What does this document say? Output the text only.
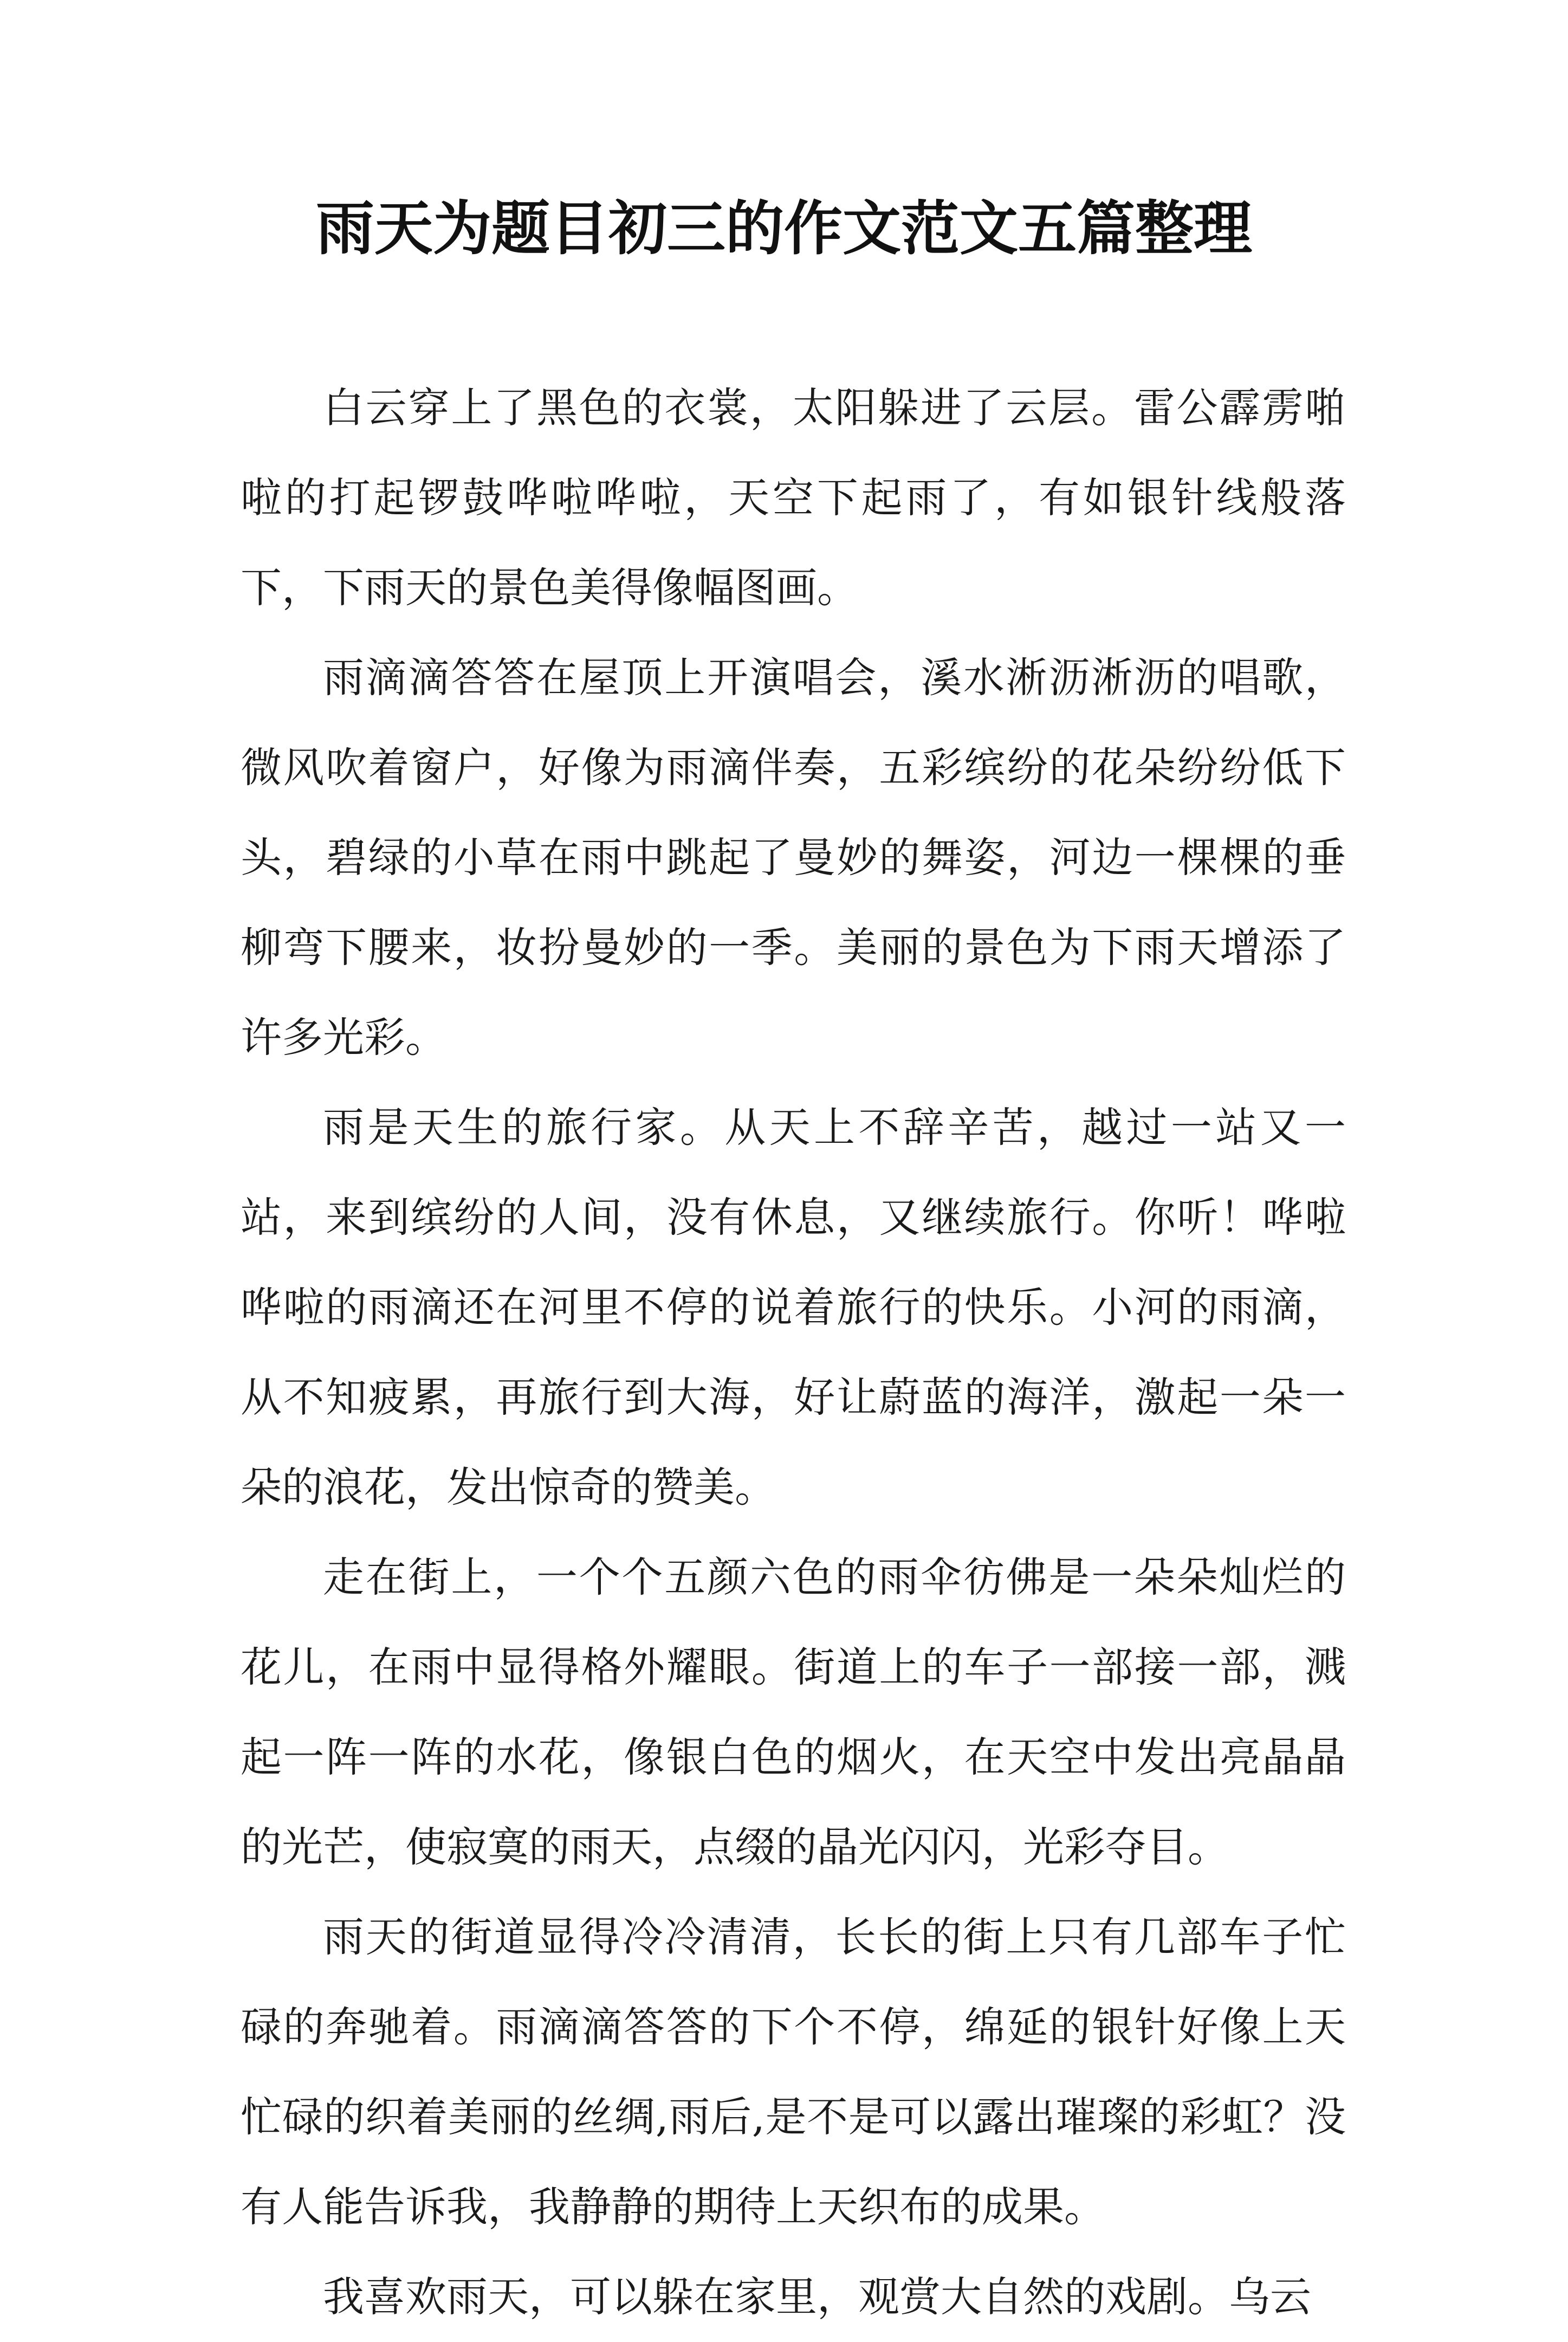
雨天为题目初三的作文范文五篇整理

白云穿上了黑色的衣裳，太阳躲进了云层。雷公霹雳啪啦的打起锣鼓哗啦哗啦，天空下起雨了，有如银针线般落下，下雨天的景色美得像幅图画。

雨滴滴答答在屋顶上开演唱会，溪水淅沥淅沥的唱歌，微风吹着窗户，好像为雨滴伴奏，五彩缤纷的花朵纷纷低下头，碧绿的小草在雨中跳起了曼妙的舞姿，河边一棵棵的垂柳弯下腰来，妆扮曼妙的一季。美丽的景色为下雨天增添了许多光彩。

雨是天生的旅行家。从天上不辞辛苦，越过一站又一站，来到缤纷的人间，没有休息，又继续旅行。你听！哗啦哗啦的雨滴还在河里不停的说着旅行的快乐。小河的雨滴，从不知疲累，再旅行到大海，好让蔚蓝的海洋，激起一朵一朵的浪花，发出惊奇的赞美。

走在街上，一个个五颜六色的雨伞彷佛是一朵朵灿烂的花儿，在雨中显得格外耀眼。街道上的车子一部接一部，溅起一阵一阵的水花，像银白色的烟火，在天空中发出亮晶晶的光芒，使寂寞的雨天，点缀的晶光闪闪，光彩夺目。

雨天的街道显得冷冷清清，长长的街上只有几部车子忙碌的奔驰着。雨滴滴答答的下个不停，绵延的银针好像上天忙碌的织着美丽的丝绸,雨后,是不是可以露出璀璨的彩虹？没有人能告诉我，我静静的期待上天织布的成果。

我喜欢雨天，可以躲在家里，观赏大自然的戏剧。乌云
